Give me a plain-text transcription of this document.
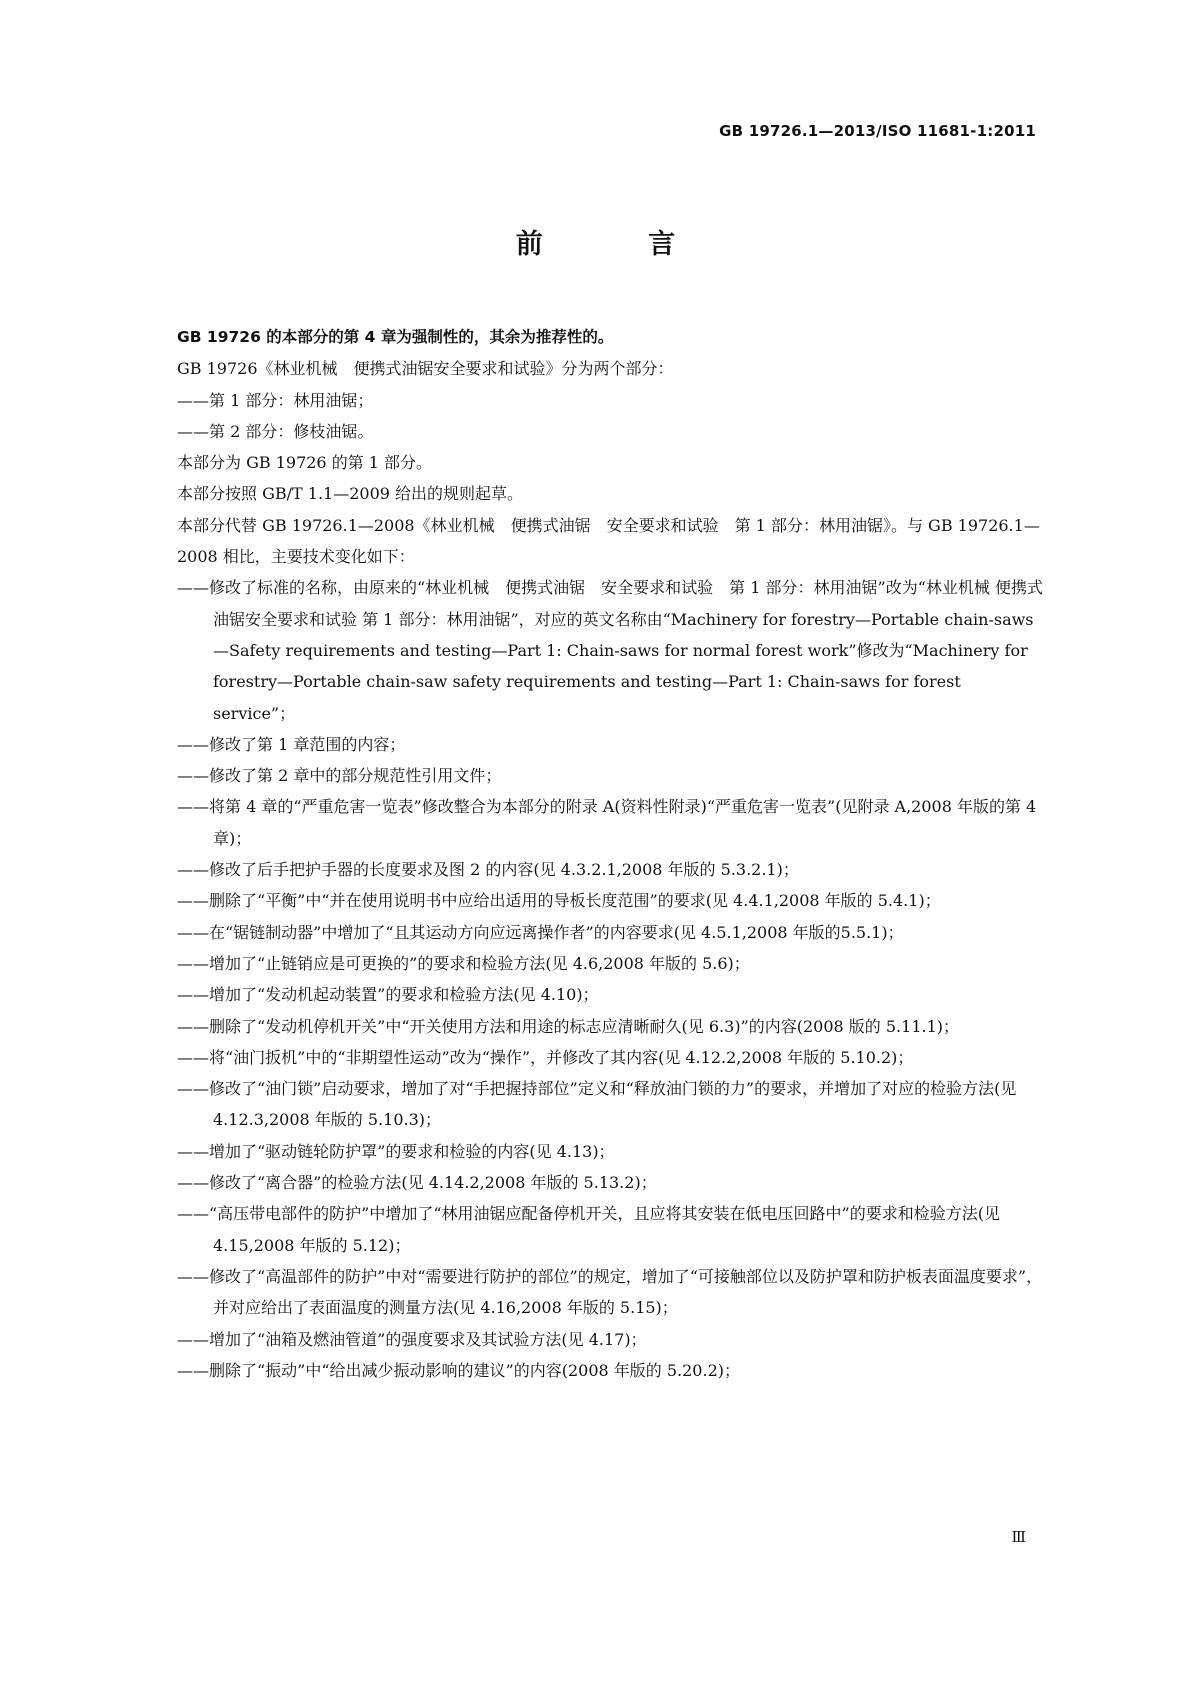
GB 19726.1—2013/ISO 11681-1:2011
前 言

GB 19726 的本部分的第 4 章为强制性的，其余为推荐性的。

GB 19726《林业机械　便携式油锯安全要求和试验》分为两个部分：

——第 1 部分：林用油锯；

——第 2 部分：修枝油锯。

本部分为 GB 19726 的第 1 部分。

本部分按照 GB/T 1.1—2009 给出的规则起草。

本部分代替 GB 19726.1—2008《林业机械　便携式油锯　安全要求和试验　第 1 部分：林用油锯》。与 GB 19726.1—2008 相比，主要技术变化如下：

——修改了标准的名称，由原来的“林业机械　便携式油锯　安全要求和试验　第 1 部分：林用油锯”改为“林业机械 便携式油锯安全要求和试验 第 1 部分：林用油锯”，对应的英文名称由“Machinery for forestry—Portable chain-saws —Safety requirements and testing—Part 1: Chain-saws for normal forest work”修改为“Machinery for forestry—Portable chain-saw safety requirements and testing—Part 1: Chain-saws for forest service”；

——修改了第 1 章范围的内容；

——修改了第 2 章中的部分规范性引用文件；

——将第 4 章的“严重危害一览表”修改整合为本部分的附录 A(资料性附录)“严重危害一览表”(见附录 A,2008 年版的第 4 章)；

——修改了后手把护手器的长度要求及图 2 的内容(见 4.3.2.1,2008 年版的 5.3.2.1)；

——删除了“平衡”中“并在使用说明书中应给出适用的导板长度范围”的要求(见 4.4.1,2008 年版的 5.4.1)；

——在“锯链制动器”中增加了“且其运动方向应远离操作者”的内容要求(见 4.5.1,2008 年版的5.5.1)；

——增加了“止链销应是可更换的”的要求和检验方法(见 4.6,2008 年版的 5.6)；

——增加了“发动机起动装置”的要求和检验方法(见 4.10)；

——删除了“发动机停机开关”中“开关使用方法和用途的标志应清晰耐久(见 6.3)”的内容(2008 版的 5.11.1)；

——将“油门扳机”中的“非期望性运动”改为“操作”，并修改了其内容(见 4.12.2,2008 年版的 5.10.2)；

——修改了“油门锁”启动要求，增加了对“手把握持部位”定义和“释放油门锁的力”的要求，并增加了对应的检验方法(见 4.12.3,2008 年版的 5.10.3)；

——增加了“驱动链轮防护罩”的要求和检验的内容(见 4.13)；

——修改了“离合器”的检验方法(见 4.14.2,2008 年版的 5.13.2)；

——“高压带电部件的防护”中增加了“林用油锯应配备停机开关，且应将其安装在低电压回路中”的要求和检验方法(见 4.15,2008 年版的 5.12)；

——修改了“高温部件的防护”中对“需要进行防护的部位”的规定，增加了“可接触部位以及防护罩和防护板表面温度要求”，并对应给出了表面温度的测量方法(见 4.16,2008 年版的 5.15)；

——增加了“油箱及燃油管道”的强度要求及其试验方法(见 4.17)；

——删除了“振动”中“给出减少振动影响的建议”的内容(2008 年版的 5.20.2)；

Ⅲ
